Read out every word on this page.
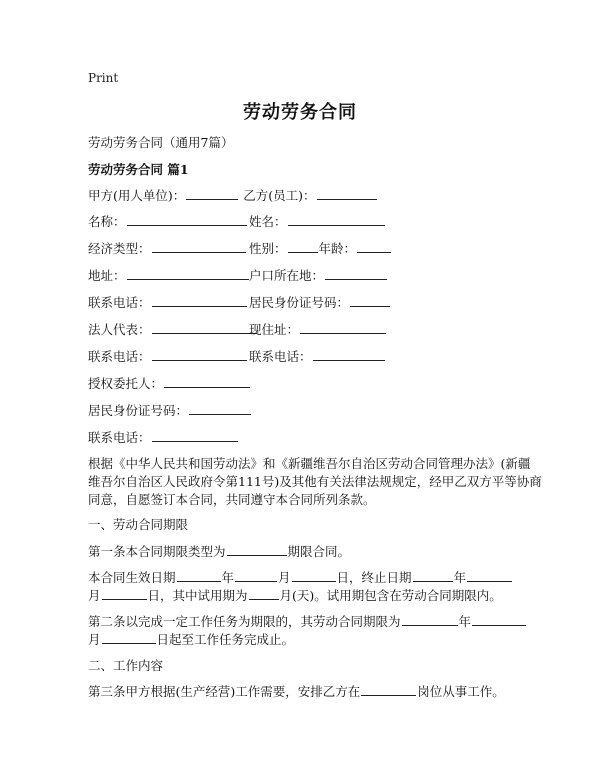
Print
劳动劳务合同
劳动劳务合同（通用7篇）
劳动劳务合同 篇1
甲方(用人单位)：	乙方(员工)：
名称：	姓名：
经济类型：	性别：	年龄：
地址：	户口所在地：
联系电话：	居民身份证号码：
法人代表：	现住址：
联系电话：	联系电话：
授权委托人：
居民身份证号码：
联系电话：
根据《中华人民共和国劳动法》和《新疆维吾尔自治区劳动合同管理办法》(新疆
维吾尔自治区人民政府令第111号)及其他有关法律法规规定，经甲乙双方平等协商
同意，自愿签订本合同，共同遵守本合同所列条款。
一、劳动合同期限
第一条本合同期限类型为	期限合同。
本合同生效日期	年	月	日，终止日期	年
月	日，其中试用期为	月(天)。试用期包含在劳动合同期限内。
第二条以完成一定工作任务为期限的，其劳动合同期限为	年
月	日起至工作任务完成止。
二、工作内容
第三条甲方根据(生产经营)工作需要，安排乙方在	岗位从事工作。
